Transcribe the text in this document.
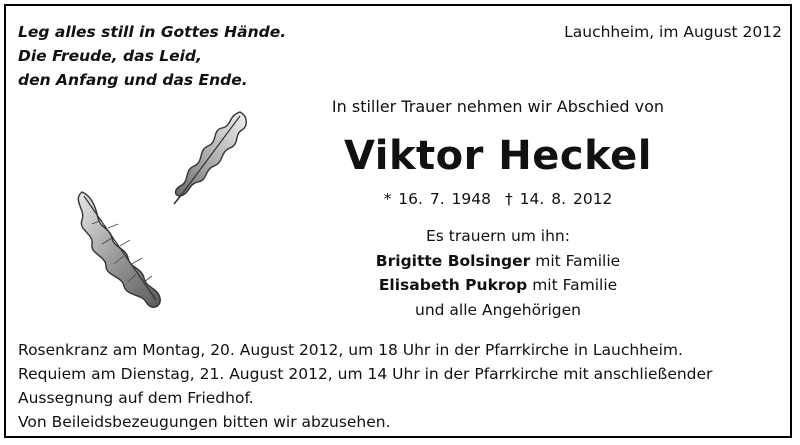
Leg alles still in Gottes Hände.
Die Freude, das Leid,
den Anfang und das Ende.
Lauchheim, im August 2012
In stiller Trauer nehmen wir Abschied von
Viktor Heckel
* 16. 7. 1948 † 14. 8. 2012
Es trauern um ihn:
Brigitte Bolsinger mit Familie
Elisabeth Pukrop mit Familie
und alle Angehörigen
Rosenkranz am Montag, 20. August 2012, um 18 Uhr in der Pfarrkirche in Lauchheim.
Requiem am Dienstag, 21. August 2012, um 14 Uhr in der Pfarrkirche mit anschließender
Aussegnung auf dem Friedhof.
Von Beileidsbezeugungen bitten wir abzusehen.
